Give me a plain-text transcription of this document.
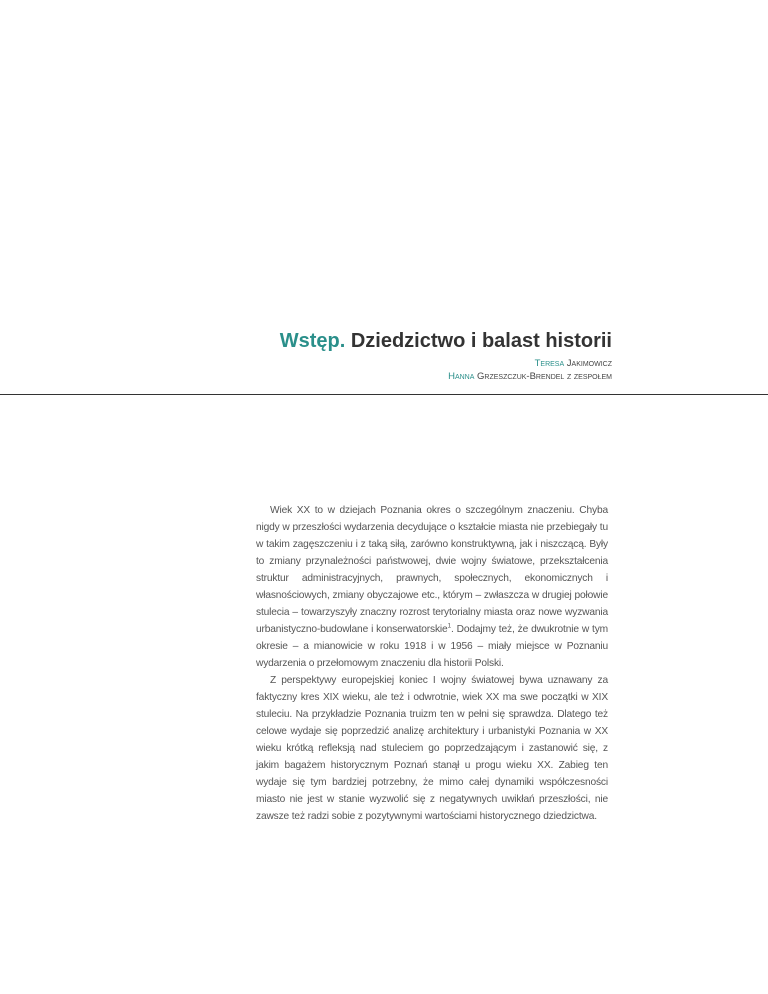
Wstęp. Dziedzictwo i balast historii
Teresa Jakimowicz
Hanna Grzeszczuk-Brendel z zespołem

Wiek XX to w dziejach Poznania okres o szczególnym znaczeniu. Chyba nigdy w przeszłości wydarzenia decydujące o kształcie miasta nie przebiegały tu w takim zagęszczeniu i z taką siłą, zarówno konstruktywną, jak i niszczącą. Były to zmiany przynależności państwowej, dwie wojny światowe, przekształcenia struktur administracyjnych, prawnych, społecznych, ekonomicznych i własnościowych, zmiany obyczajowe etc., którym – zwłaszcza w drugiej połowie stulecia – towarzyszyły znaczny rozrost terytorialny miasta oraz nowe wyzwania urbanistyczno-budowlane i konserwatorskie$^1$. Dodajmy też, że dwukrotnie w tym okresie – a mianowicie w roku 1918 i w 1956 – miały miejsce w Poznaniu wydarzenia o przełomowym znaczeniu dla historii Polski.

Z perspektywy europejskiej koniec I wojny światowej bywa uznawany za faktyczny kres XIX wieku, ale też i odwrotnie, wiek XX ma swe początki w XIX stuleciu. Na przykładzie Poznania truizm ten w pełni się sprawdza. Dlatego też celowe wydaje się poprzedzić analizę architektury i urbanistyki Poznania w XX wieku krótką refleksją nad stuleciem go poprzedzającym i zastanowić się, z jakim bagażem historycznym Poznań stanął u progu wieku XX. Zabieg ten wydaje się tym bardziej potrzebny, że mimo całej dynamiki współczesności miasto nie jest w stanie wyzwolić się z negatywnych uwikłań przeszłości, nie zawsze też radzi sobie z pozytywnymi wartościami historycznego dziedzictwa.
